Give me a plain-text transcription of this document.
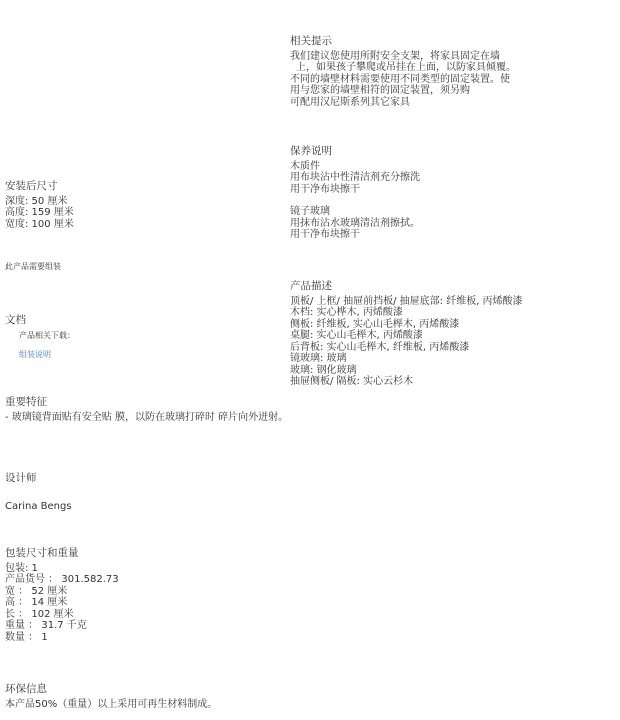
相关提示
我们建议您使用所附安全支架，将家具固定在墙
上，如果孩子攀爬或吊挂在上面，以防家具倾覆。
不同的墙壁材料需要使用不同类型的固定装置。使
用与您家的墙壁相符的固定装置，须另购
可配用汉尼斯系列其它家具
保养说明
木质件
用布块沾中性清洁剂充分擦洗
用干净布块擦干
镜子玻璃
用抹布沾水玻璃清洁剂擦拭。
用干净布块擦干
安装后尺寸
深度: 50 厘米
高度: 159 厘米
宽度: 100 厘米
此产品需要组装
产品描述
顶板/ 上框/ 抽屉前挡板/ 抽屉底部: 纤维板, 丙烯酸漆
木档: 实心桦木, 丙烯酸漆
侧板: 纤维板, 实心山毛榉木, 丙烯酸漆
桌腿: 实心山毛榉木, 丙烯酸漆
后背板: 实心山毛榉木, 纤维板, 丙烯酸漆
镜玻璃: 玻璃
玻璃: 钢化玻璃
抽屉侧板/ 隔板: 实心云杉木
文档
产品相关下载：
组装说明
重要特征
- 玻璃镜背面贴有安全贴 膜，以防在玻璃打碎时 碎片向外迸射。
设计师
Carina Bengs
包装尺寸和重量
包装: 1
产品货号 ： 301.582.73
宽 ： 52 厘米
高 ： 14 厘米
长 ： 102 厘米
重量 ： 31.7 千克
数量 ： 1
环保信息
本产品50%（重量）以上采用可再生材料制成。
